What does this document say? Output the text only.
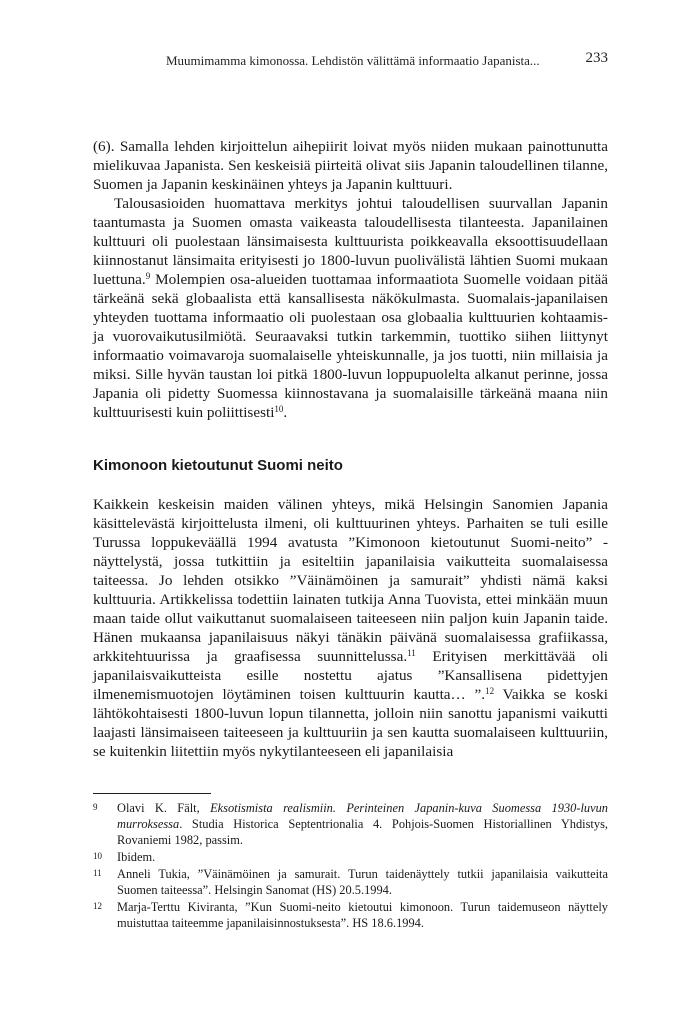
Muumimamma kimonossa. Lehdistön välittämä informaatio Japanista...	233

(6). Samalla lehden kirjoittelun aihepiirit loivat myös niiden mukaan painottunutta mielikuvaa Japanista. Sen keskeisiä piirteitä olivat siis Japanin taloudellinen tilanne, Suomen ja Japanin keskinäinen yhteys ja Japanin kulttuuri.

Talousasioiden huomattava merkitys johtui taloudellisen suurvallan Japanin taantumasta ja Suomen omasta vaikeasta taloudellisesta tilanteesta. Japanilainen kulttuuri oli puolestaan länsimaisesta kulttuurista poikkeavalla eksoottisuudellaan kiinnostanut länsimaita erityisesti jo 1800-luvun puolivälistä lähtien Suomi mukaan luettuna.$^9$ Molempien osa-alueiden tuottamaa informaatiota Suomelle voidaan pitää tärkeänä sekä globaalista että kansallisesta näkökulmasta. Suomalais-japanilaisen yhteyden tuottama informaatio oli puolestaan osa globaalia kulttuurien kohtaamis- ja vuorovaikutusilmiötä. Seuraavaksi tutkin tarkemmin, tuottiko siihen liittynyt informaatio voimavaroja suomalaiselle yhteiskunnalle, ja jos tuotti, niin millaisia ja miksi. Sille hyvän taustan loi pitkä 1800-luvun loppupuolelta alkanut perinne, jossa Japania oli pidetty Suomessa kiinnostavana ja suomalaisille tärkeänä maana niin kulttuurisesti kuin poliittisesti$^{10}$.

Kimonoon kietoutunut Suomi neito

Kaikkein keskeisin maiden välinen yhteys, mikä Helsingin Sanomien Japania käsittelevästä kirjoittelusta ilmeni, oli kulttuurinen yhteys. Parhaiten se tuli esille Turussa loppukeväällä 1994 avatusta ”Kimonoon kietoutunut Suomi-neito” -näyttelystä, jossa tutkittiin ja esiteltiin japanilaisia vaikutteita suomalaisessa taiteessa. Jo lehden otsikko ”Väinämöinen ja samurait” yhdisti nämä kaksi kulttuuria. Artikkelissa todettiin lainaten tutkija Anna Tuovista, ettei minkään muun maan taide ollut vaikuttanut suomalaiseen taiteeseen niin paljon kuin Japanin taide. Hänen mukaansa japanilaisuus näkyi tänäkin päivänä suomalaisessa grafiikassa, arkkitehtuurissa ja graafisessa suunnittelussa.$^{11}$ Erityisen merkittävää oli japanilaisvaikutteista esille nostettu ajatus ”Kansallisena pidettyjen ilmenemismuotojen löytäminen toisen kulttuurin kautta… ”.$^{12}$ Vaikka se koski lähtökohtaisesti 1800-luvun lopun tilannetta, jolloin niin sanottu japanismi vaikutti laajasti länsimaiseen taiteeseen ja kulttuuriin ja sen kautta suomalaiseen kulttuuriin, se kuitenkin liitettiin myös nykytilanteeseen eli japanilaisia

9	Olavi K. Fält, Eksotismista realismiin. Perinteinen Japanin-kuva Suomessa 1930-luvun murroksessa. Studia Historica Septentrionalia 4. Pohjois-Suomen Historiallinen Yhdistys, Rovaniemi 1982, passim.
10	Ibidem.
11	Anneli Tukia, ”Väinämöinen ja samurait. Turun taidenäyttely tutkii japanilaisia vaikutteita Suomen taiteessa”. Helsingin Sanomat (HS) 20.5.1994.
12	Marja-Terttu Kiviranta, ”Kun Suomi-neito kietoutui kimonoon. Turun taidemuseon näyttely muistuttaa taiteemme japanilaisinnostuksesta”. HS 18.6.1994.
